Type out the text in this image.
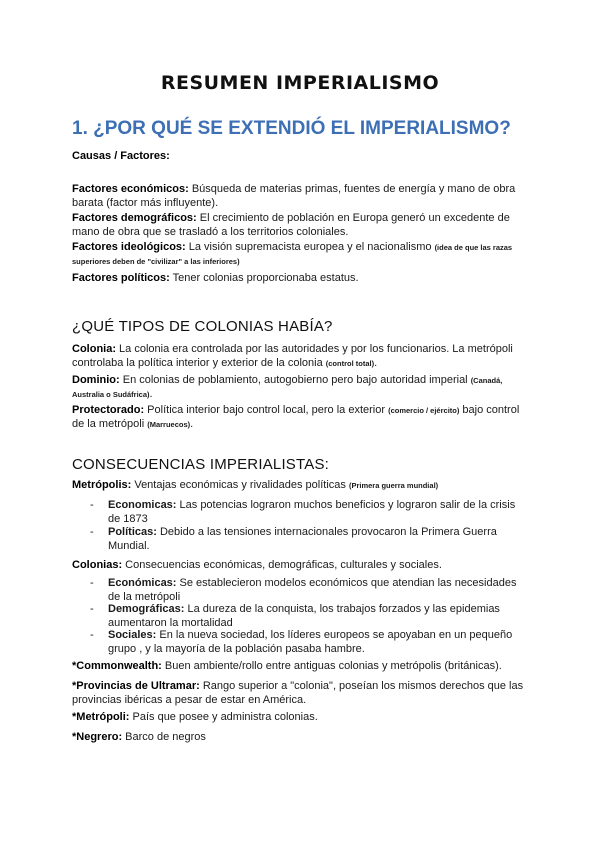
RESUMEN IMPERIALISMO
1. ¿POR QUÉ SE EXTENDIÓ EL IMPERIALISMO?
Causas / Factores:
Factores económicos: Búsqueda de materias primas, fuentes de energía y mano de obra barata (factor más influyente).
Factores demográficos: El crecimiento de población en Europa generó un excedente de mano de obra que se trasladó a los territorios coloniales.
Factores ideológicos: La visión supremacista europea y el nacionalismo (idea de que las razas superiores deben de "civilizar" a las inferiores)
Factores políticos: Tener colonias proporcionaba estatus.
¿QUÉ TIPOS DE COLONIAS HABÍA?
Colonia: La colonia era controlada por las autoridades y por los funcionarios. La metrópoli controlaba la política interior y exterior de la colonia (control total).
Dominio: En colonias de poblamiento, autogobierno pero bajo autoridad imperial (Canadá, Australia o Sudáfrica).
Protectorado: Política interior bajo control local, pero la exterior (comercio / ejército) bajo control de la metrópoli (Marruecos).
CONSECUENCIAS IMPERIALISTAS:
Metrópolis: Ventajas económicas y rivalidades políticas (Primera guerra mundial)
- Economicas: Las potencias lograron muchos beneficios y lograron salir de la crisis de 1873
- Políticas: Debido a las tensiones internacionales provocaron la Primera Guerra Mundial.
Colonias: Consecuencias económicas, demográficas, culturales y sociales.
- Económicas: Se establecieron modelos económicos que atendian las necesidades de la metrópoli
- Demográficas: La dureza de la conquista, los trabajos forzados y las epidemias aumentaron la mortalidad
- Sociales: En la nueva sociedad, los líderes europeos se apoyaban en un pequeño grupo , y la mayoría de la población pasaba hambre.
*Commonwealth: Buen ambiente/rollo entre antiguas colonias y metrópolis (británicas).
*Provincias de Ultramar: Rango superior a "colonia", poseían los mismos derechos que las provincias ibéricas a pesar de estar en América.
*Metrópoli: País que posee y administra colonias.
*Negrero: Barco de negros
